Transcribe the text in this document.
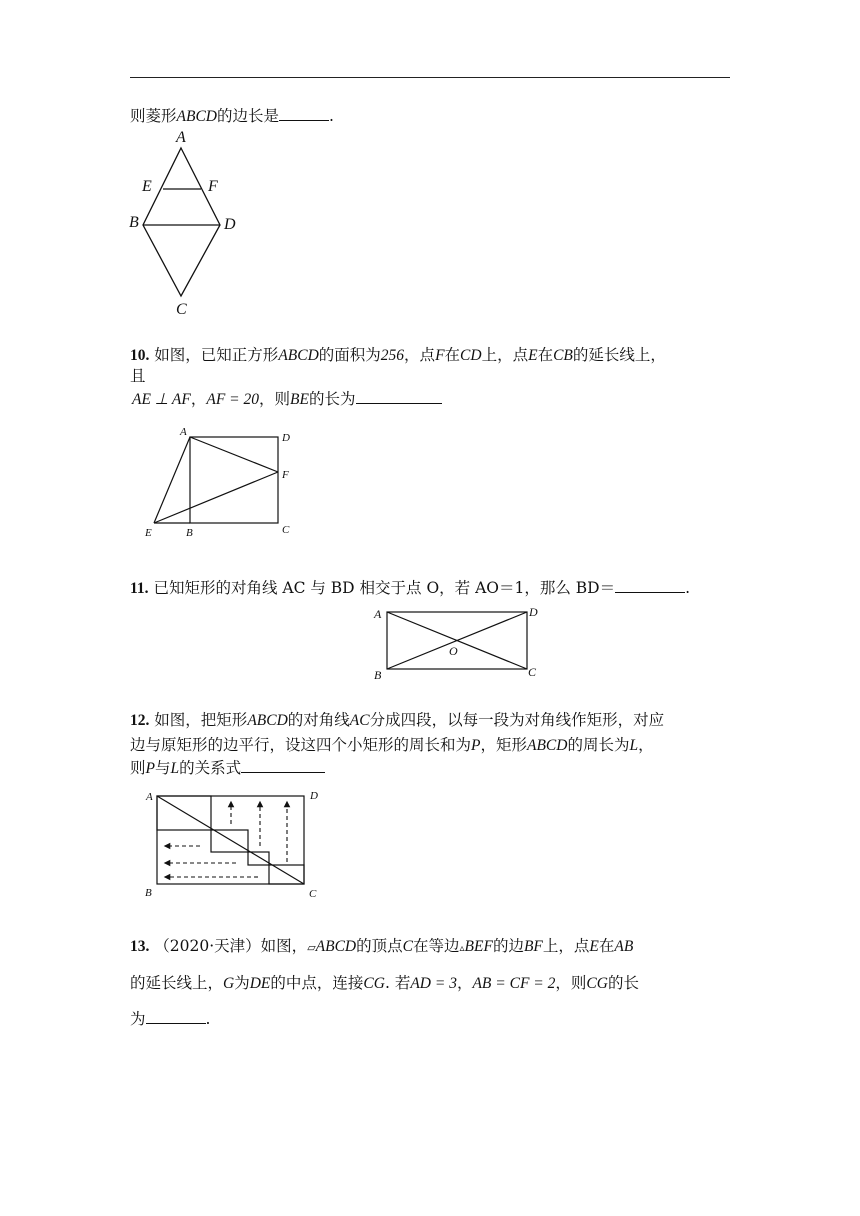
则菱形ABCD的边长是	.
A
E	F
B	D
C
10. 如图，已知正方形ABCD的面积为256，点F在CD上，点E在CB的延长线上，
且
AE ⊥ AF，AF = 20，则BE的长为
A	D
F
E	B	C
11. 已知矩形的对角线 AC 与 BD 相交于点 O，若 AO＝1，那么 BD＝	.
A	D
O
B	C
12. 如图，把矩形ABCD的对角线AC分成四段，以每一段为对角线作矩形，对应
边与原矩形的边平行，设这四个小矩形的周长和为P，矩形ABCD的周长为L，
则P与L的关系式
A	D
B	C
13. （2020·天津）如图，▱ABCD的顶点C在等边▵BEF的边BF上，点E在AB
的延长线上，G为DE的中点，连接CG. 若AD = 3，AB = CF = 2，则CG的长
为	.
